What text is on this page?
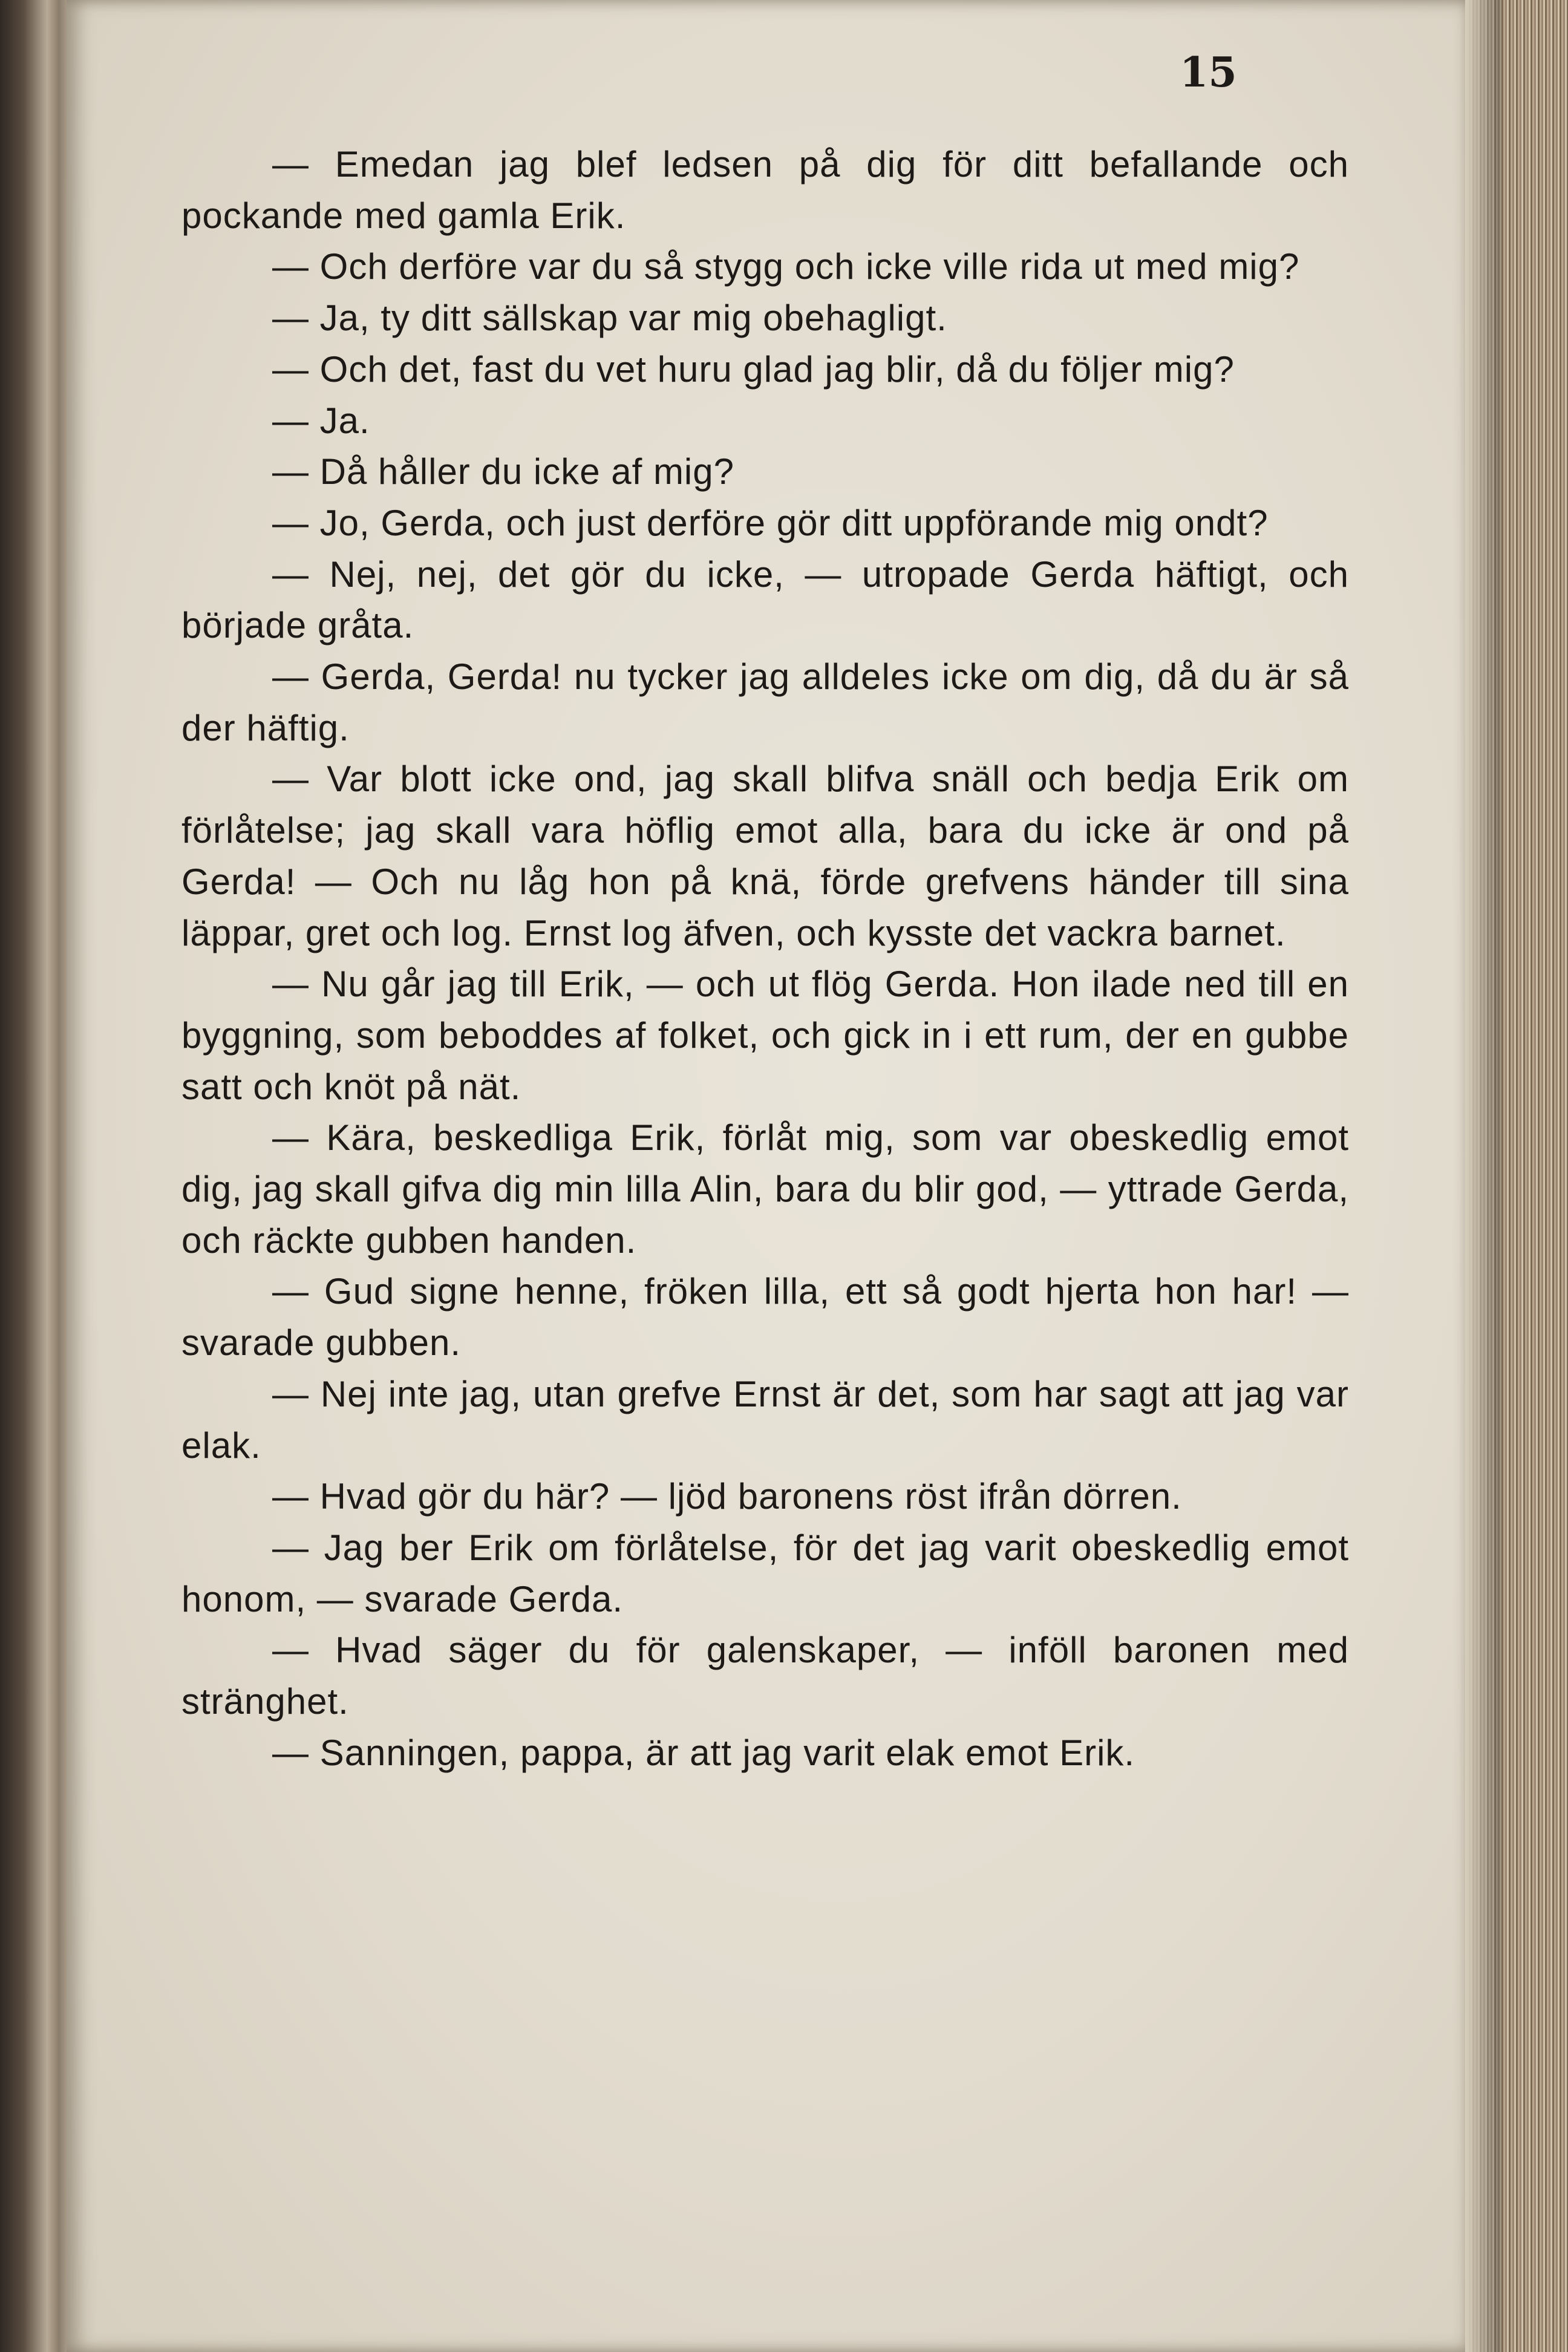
15

— Emedan jag blef ledsen på dig för ditt befallande och pockande med gamla Erik.

— Och derföre var du så stygg och icke ville rida ut med mig?

— Ja, ty ditt sällskap var mig obehagligt.

— Och det, fast du vet huru glad jag blir, då du följer mig?

— Ja.

— Då håller du icke af mig?

— Jo, Gerda, och just derföre gör ditt uppförande mig ondt?

— Nej, nej, det gör du icke, — utropade Gerda häftigt, och började gråta.

— Gerda, Gerda! nu tycker jag alldeles icke om dig, då du är så der häftig.

— Var blott icke ond, jag skall blifva snäll och bedja Erik om förlåtelse; jag skall vara höflig emot alla, bara du icke är ond på Gerda! — Och nu låg hon på knä, förde grefvens händer till sina läppar, gret och log. Ernst log äfven, och kysste det vackra barnet.

— Nu går jag till Erik, — och ut flög Gerda. Hon ilade ned till en byggning, som beboddes af folket, och gick in i ett rum, der en gubbe satt och knöt på nät.

— Kära, beskedliga Erik, förlåt mig, som var obeskedlig emot dig, jag skall gifva dig min lilla Alin, bara du blir god, — yttrade Gerda, och räckte gubben handen.

— Gud signe henne, fröken lilla, ett så godt hjerta hon har! — svarade gubben.

— Nej inte jag, utan grefve Ernst är det, som har sagt att jag var elak.

— Hvad gör du här? — ljöd baronens röst ifrån dörren.

— Jag ber Erik om förlåtelse, för det jag varit obeskedlig emot honom, — svarade Gerda.

— Hvad säger du för galenskaper, — inföll baronen med stränghet.

— Sanningen, pappa, är att jag varit elak emot Erik.
